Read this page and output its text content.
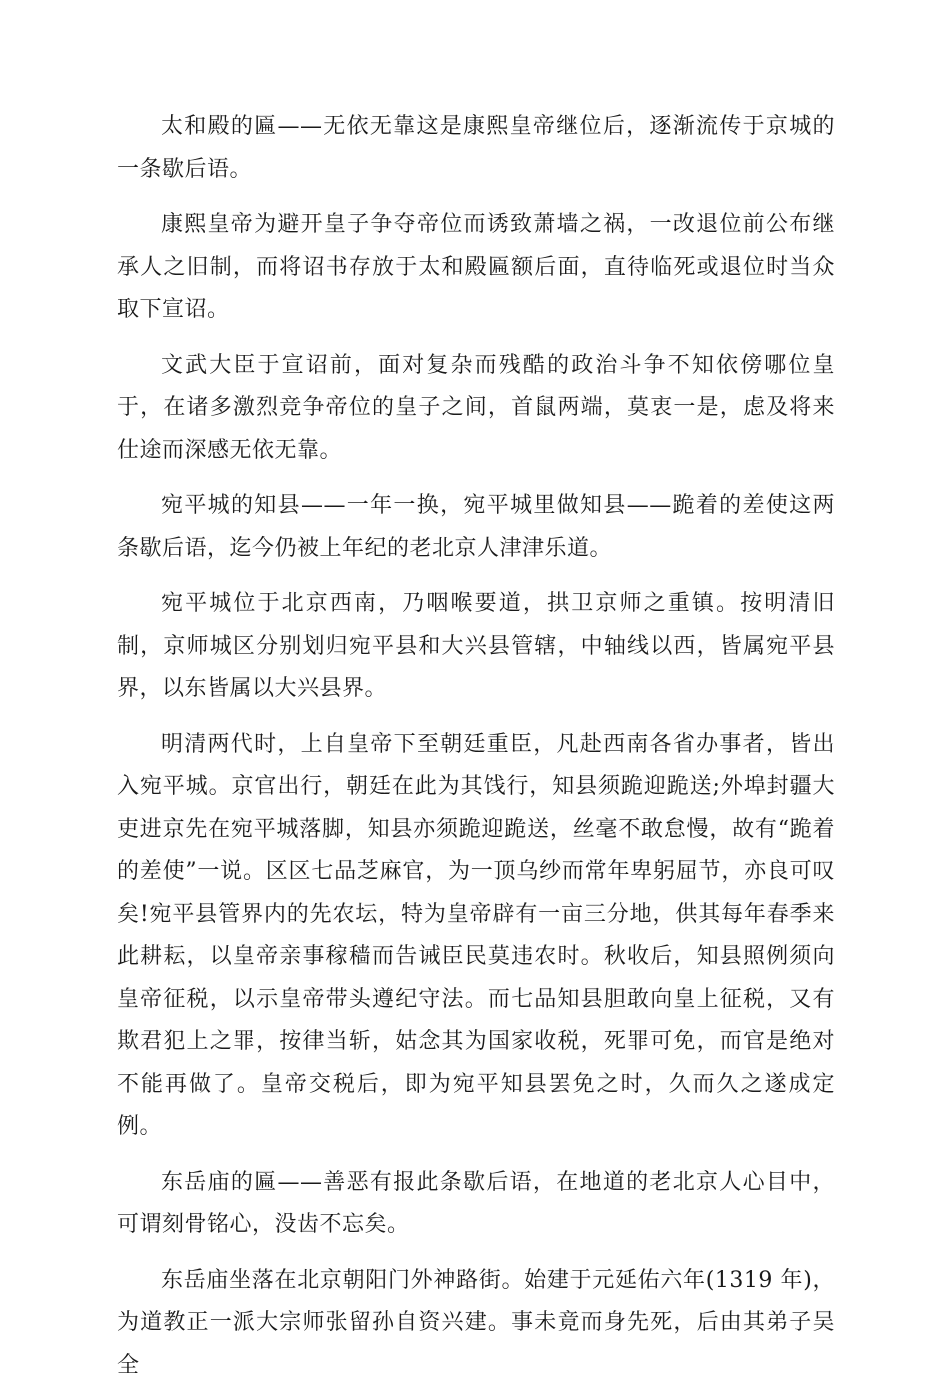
太和殿的匾——无依无靠这是康熙皇帝继位后，逐渐流传于京城的一条歇后语。

康熙皇帝为避开皇子争夺帝位而诱致萧墙之祸，一改退位前公布继承人之旧制，而将诏书存放于太和殿匾额后面，直待临死或退位时当众取下宣诏。

文武大臣于宣诏前，面对复杂而残酷的政治斗争不知依傍哪位皇于，在诸多激烈竞争帝位的皇子之间，首鼠两端，莫衷一是，虑及将来仕途而深感无依无靠。

宛平城的知县——一年一换，宛平城里做知县——跪着的差使这两条歇后语，迄今仍被上年纪的老北京人津津乐道。

宛平城位于北京西南，乃咽喉要道，拱卫京师之重镇。按明清旧制，京师城区分别划归宛平县和大兴县管辖，中轴线以西，皆属宛平县界，以东皆属以大兴县界。

明清两代时，上自皇帝下至朝廷重臣，凡赴西南各省办事者，皆出入宛平城。京官出行，朝廷在此为其饯行，知县须跪迎跪送;外埠封疆大吏进京先在宛平城落脚，知县亦须跪迎跪送，丝毫不敢怠慢，故有“跪着的差使”一说。区区七品芝麻官，为一顶乌纱而常年卑躬屈节，亦良可叹矣!宛平县管界内的先农坛，特为皇帝辟有一亩三分地，供其每年春季来此耕耘，以皇帝亲事稼穑而告诫臣民莫违农时。秋收后，知县照例须向皇帝征税，以示皇帝带头遵纪守法。而七品知县胆敢向皇上征税，又有欺君犯上之罪，按律当斩，姑念其为国家收税，死罪可免，而官是绝对不能再做了。皇帝交税后，即为宛平知县罢免之时，久而久之遂成定例。

东岳庙的匾——善恶有报此条歇后语，在地道的老北京人心目中，可谓刻骨铭心，没齿不忘矣。

东岳庙坐落在北京朝阳门外神路街。始建于元延佑六年(1319 年)，为道教正一派大宗师张留孙自资兴建。事未竟而身先死，后由其弟子吴全
